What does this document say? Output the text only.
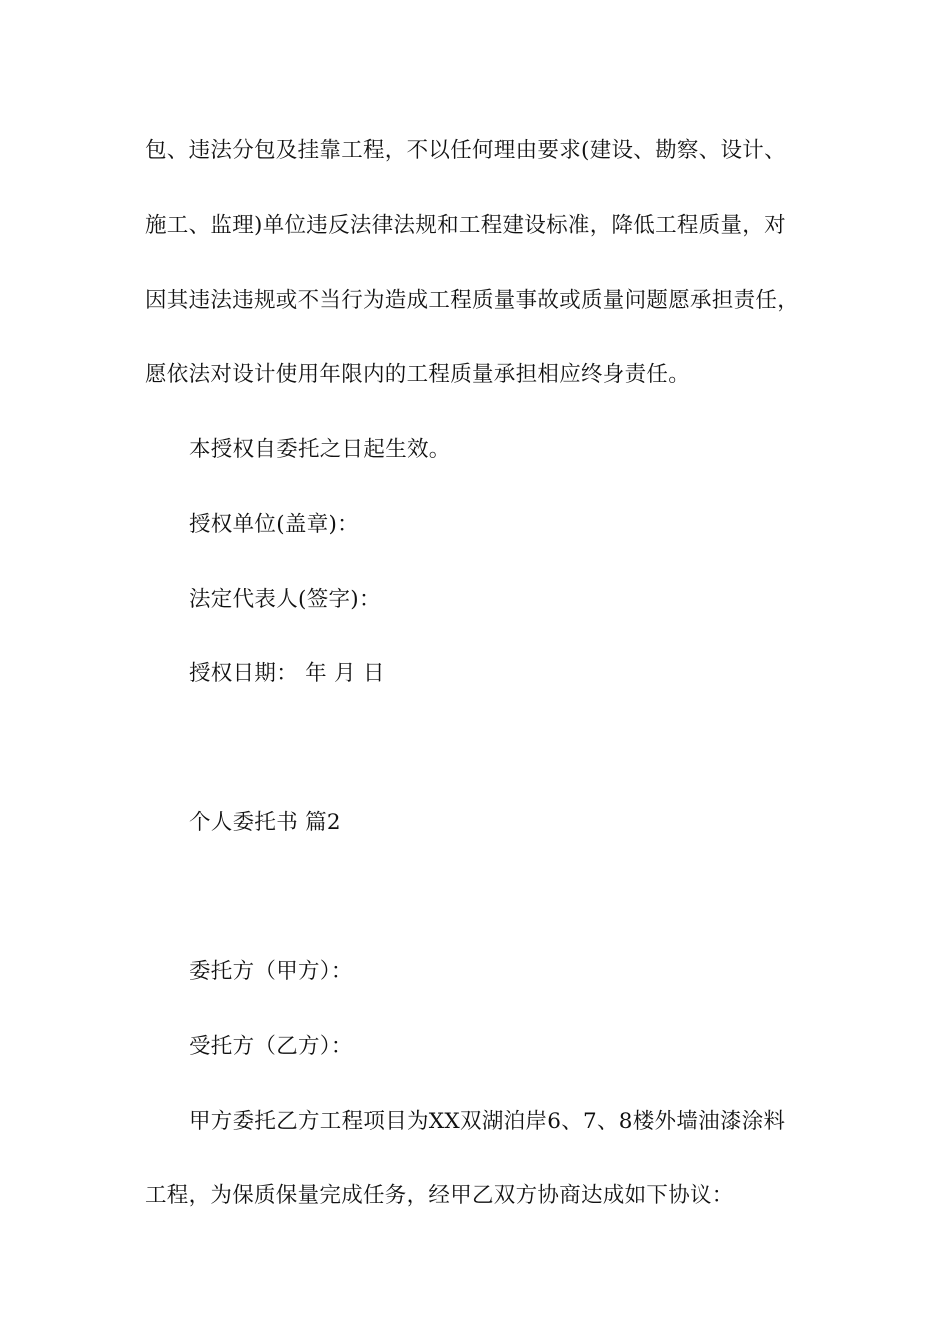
包、违法分包及挂靠工程，不以任何理由要求(建设、勘察、设计、
施工、监理)单位违反法律法规和工程建设标准，降低工程质量，对
因其违法违规或不当行为造成工程质量事故或质量问题愿承担责任，
愿依法对设计使用年限内的工程质量承担相应终身责任。
本授权自委托之日起生效。
授权单位(盖章)：
法定代表人(签字)：
授权日期： 年 月 日
个人委托书 篇2
委托方（甲方）：
受托方（乙方）：
甲方委托乙方工程项目为XX双湖泊岸6、7、8楼外墙油漆涂料
工程，为保质保量完成任务，经甲乙双方协商达成如下协议：
